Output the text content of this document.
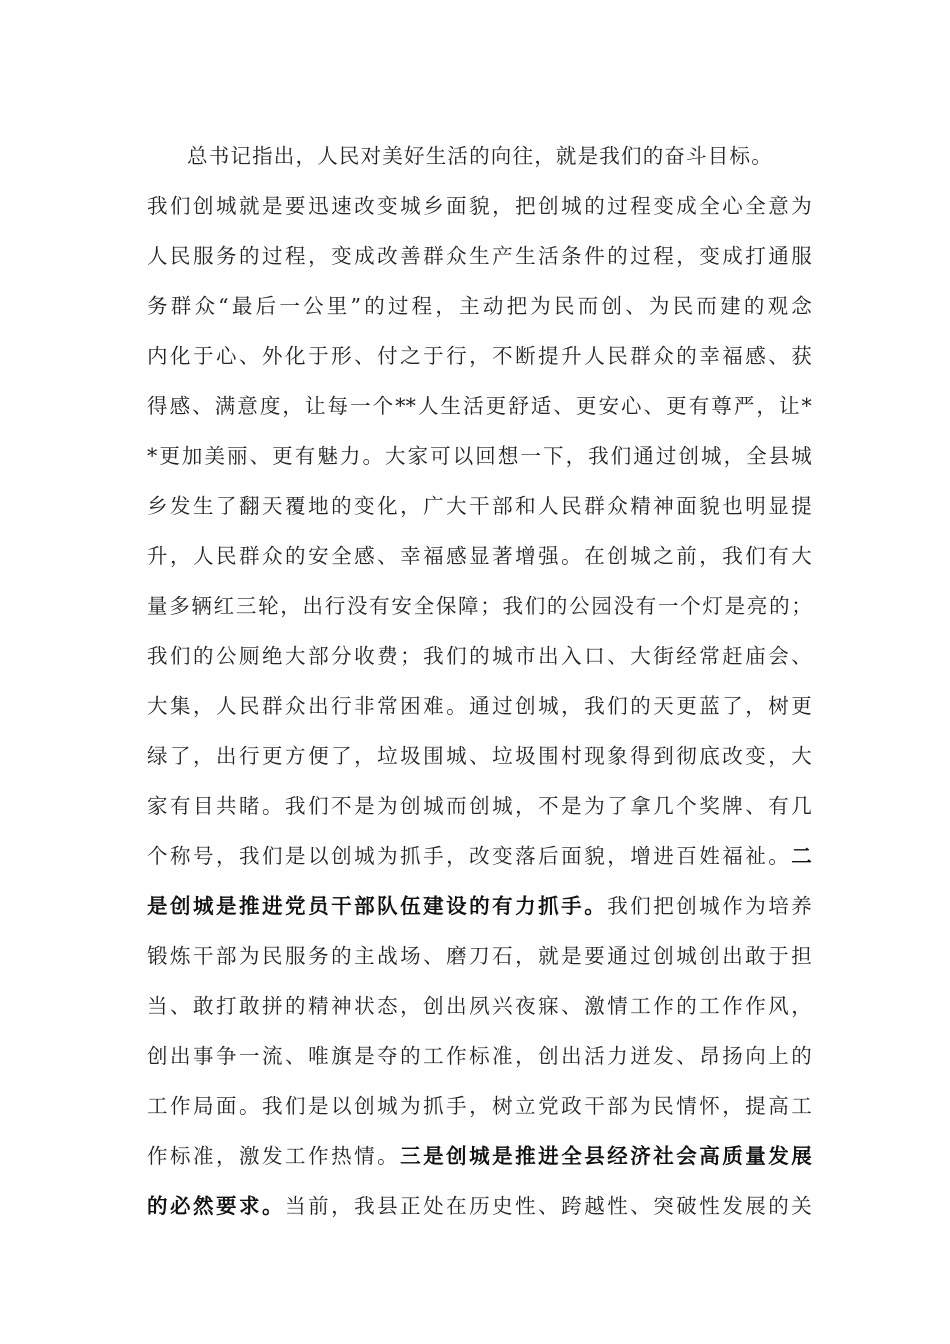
总书记指出，人民对美好生活的向往，就是我们的奋斗目标。
我们创城就是要迅速改变城乡面貌，把创城的过程变成全心全意为
人民服务的过程，变成改善群众生产生活条件的过程，变成打通服
务群众“最后一公里”的过程，主动把为民而创、为民而建的观念
内化于心、外化于形、付之于行，不断提升人民群众的幸福感、获
得感、满意度，让每一个**人生活更舒适、更安心、更有尊严，让*
*更加美丽、更有魅力。大家可以回想一下，我们通过创城，全县城
乡发生了翻天覆地的变化，广大干部和人民群众精神面貌也明显提
升，人民群众的安全感、幸福感显著增强。在创城之前，我们有大
量多辆红三轮，出行没有安全保障；我们的公园没有一个灯是亮的；
我们的公厕绝大部分收费；我们的城市出入口、大街经常赶庙会、
大集，人民群众出行非常困难。通过创城，我们的天更蓝了，树更
绿了，出行更方便了，垃圾围城、垃圾围村现象得到彻底改变，大
家有目共睹。我们不是为创城而创城，不是为了拿几个奖牌、有几
个称号，我们是以创城为抓手，改变落后面貌，增进百姓福祉。二
是创城是推进党员干部队伍建设的有力抓手。我们把创城作为培养
锻炼干部为民服务的主战场、磨刀石，就是要通过创城创出敢于担
当、敢打敢拼的精神状态，创出夙兴夜寐、激情工作的工作作风，
创出事争一流、唯旗是夺的工作标准，创出活力迸发、昂扬向上的
工作局面。我们是以创城为抓手，树立党政干部为民情怀，提高工
作标准，激发工作热情。三是创城是推进全县经济社会高质量发展
的必然要求。当前，我县正处在历史性、跨越性、突破性发展的关
